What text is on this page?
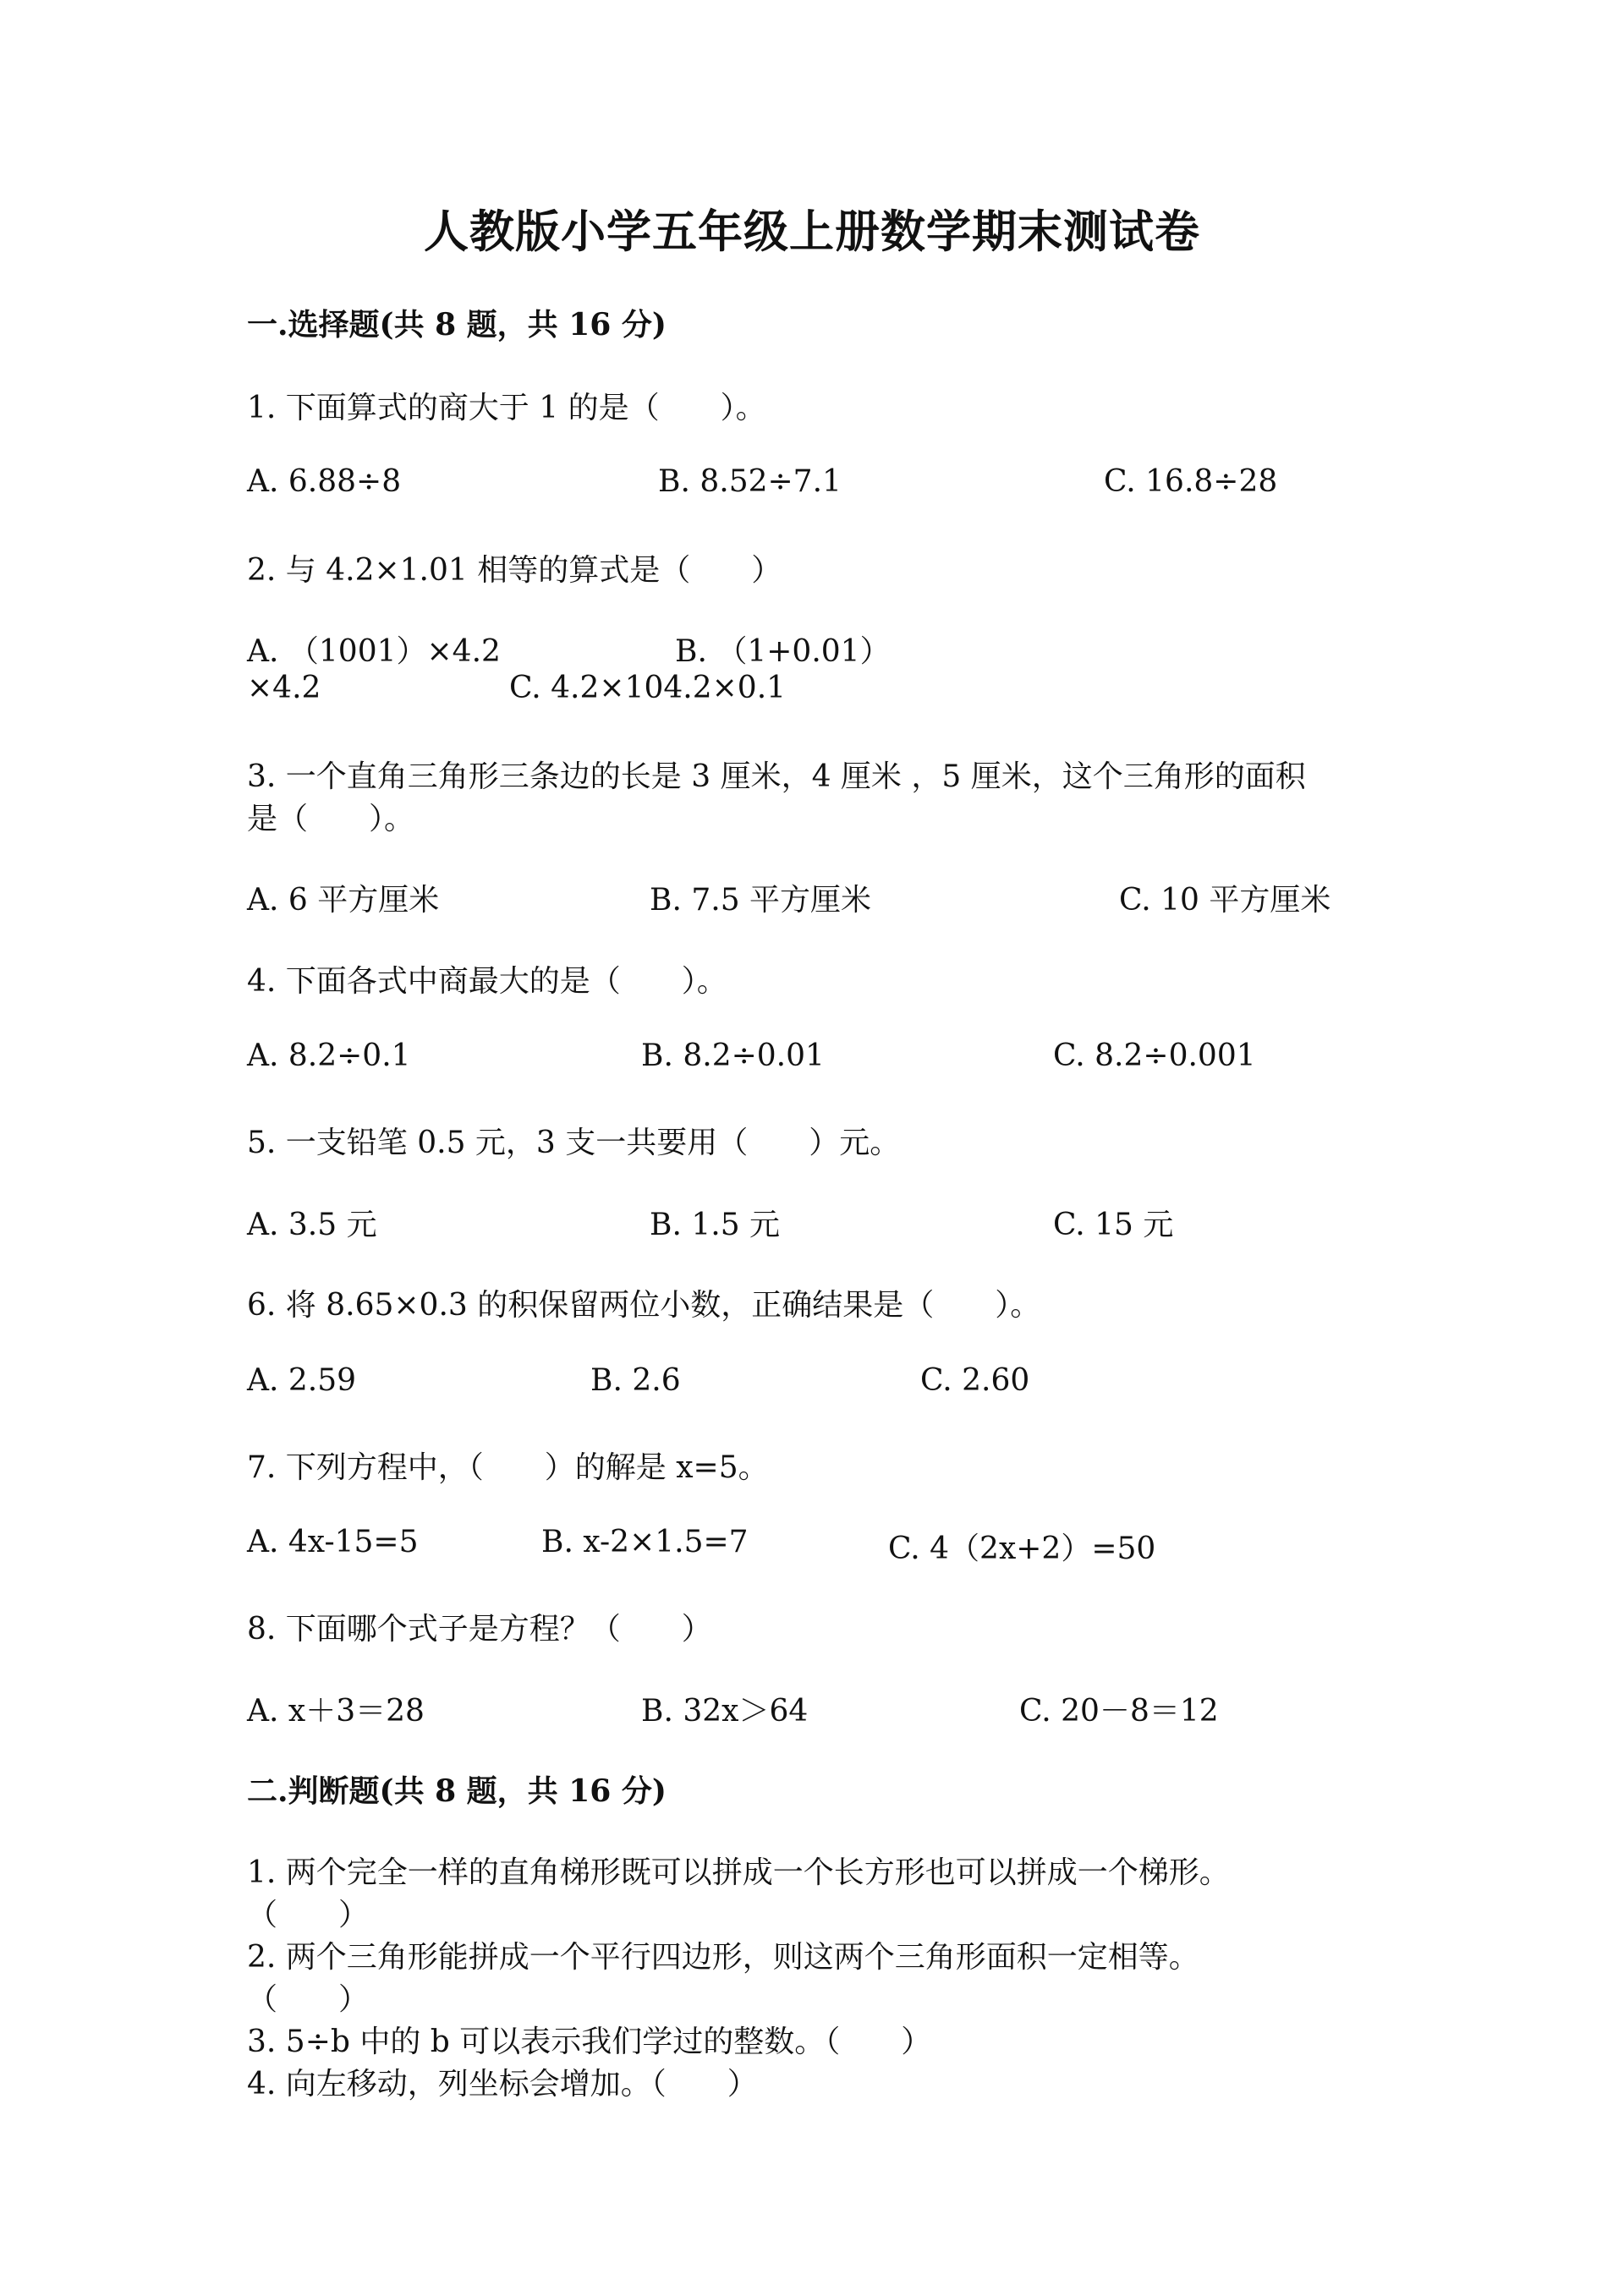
人教版小学五年级上册数学期末测试卷
一.选择题(共 8 题，共 16 分)
1. 下面算式的商大于 1 的是（　　）。
A. 6.88÷8	B. 8.52÷7.1	C. 16.8÷28
2. 与 4.2×1.01 相等的算式是（　　）
A. （1001）×4.2	B. （1+0.01）
×4.2	C. 4.2×104.2×0.1
3. 一个直角三角形三条边的长是 3 厘米，4 厘米 ，5 厘米，这个三角形的面积
是（　　）。
A. 6 平方厘米	B. 7.5 平方厘米	C. 10 平方厘米
4. 下面各式中商最大的是（　　）。
A. 8.2÷0.1	B. 8.2÷0.01	C. 8.2÷0.001
5. 一支铅笔 0.5 元，3 支一共要用（　　）元。
A. 3.5 元	B. 1.5 元	C. 15 元
6. 将 8.65×0.3 的积保留两位小数，正确结果是（　　）。
A. 2.59	B. 2.6	C. 2.60
7. 下列方程中，（　　）的解是 x=5。
A. 4x-15=5	B. x-2×1.5=7	C. 4（2x+2）=50
8. 下面哪个式子是方程？（　　）
A. x＋3＝28	B. 32x＞64	C. 20－8＝12
二.判断题(共 8 题，共 16 分)
1. 两个完全一样的直角梯形既可以拼成一个长方形也可以拼成一个梯形。
（　　）
2. 两个三角形能拼成一个平行四边形，则这两个三角形面积一定相等。
（　　）
3. 5÷b 中的 b 可以表示我们学过的整数。（　　）
4. 向左移动，列坐标会增加。（　　）
